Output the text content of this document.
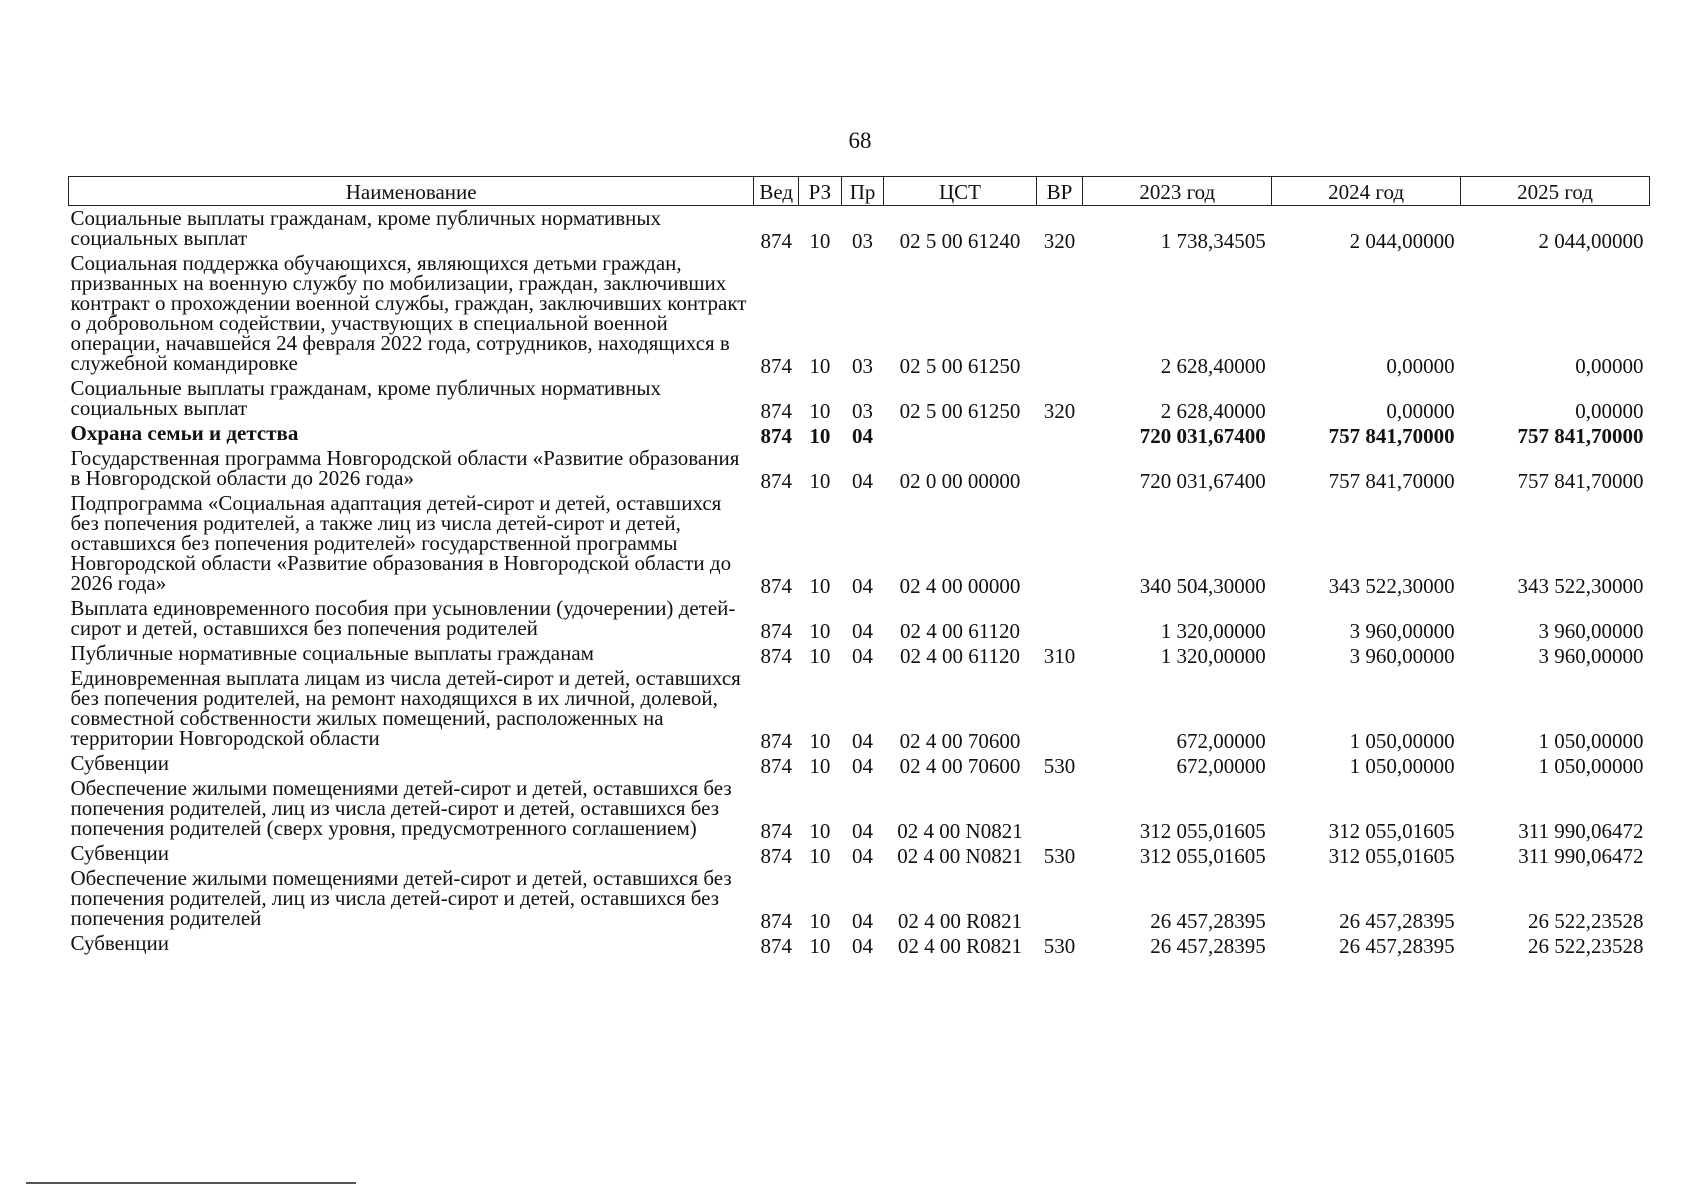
68
Наименование	Вед	РЗ	Пр	ЦСТ	ВР	2023 год	2024 год	2025 год
Социальные выплаты гражданам, кроме публичных нормативных социальных выплат	874	10	03	02 5 00 61240	320	1 738,34505	2 044,00000	2 044,00000
Социальная поддержка обучающихся, являющихся детьми граждан, призванных на военную службу по мобилизации, граждан, заключивших контракт о прохождении военной службы, граждан, заключивших контракт о добровольном содействии, участвующих в специальной военной операции, начавшейся 24 февраля 2022 года, сотрудников, находящихся в служебной командировке	874	10	03	02 5 00 61250		2 628,40000	0,00000	0,00000
Социальные выплаты гражданам, кроме публичных нормативных социальных выплат	874	10	03	02 5 00 61250	320	2 628,40000	0,00000	0,00000
Охрана семьи и детства	874	10	04			720 031,67400	757 841,70000	757 841,70000
Государственная программа Новгородской области «Развитие образования в Новгородской области до 2026 года»	874	10	04	02 0 00 00000		720 031,67400	757 841,70000	757 841,70000
Подпрограмма «Социальная адаптация детей-сирот и детей, оставшихся без попечения родителей, а также лиц из числа детей-сирот и детей, оставшихся без попечения родителей» государственной программы Новгородской области «Развитие образования в Новгородской области до 2026 года»	874	10	04	02 4 00 00000		340 504,30000	343 522,30000	343 522,30000
Выплата единовременного пособия при усыновлении (удочерении) детей-сирот и детей, оставшихся без попечения родителей	874	10	04	02 4 00 61120		1 320,00000	3 960,00000	3 960,00000
Публичные нормативные социальные выплаты гражданам	874	10	04	02 4 00 61120	310	1 320,00000	3 960,00000	3 960,00000
Единовременная выплата лицам из числа детей-сирот и детей, оставшихся без попечения родителей, на ремонт находящихся в их личной, долевой, совместной собственности жилых помещений, расположенных на территории Новгородской области	874	10	04	02 4 00 70600		672,00000	1 050,00000	1 050,00000
Субвенции	874	10	04	02 4 00 70600	530	672,00000	1 050,00000	1 050,00000
Обеспечение жилыми помещениями детей-сирот и детей, оставшихся без попечения родителей, лиц из числа детей-сирот и детей, оставшихся без попечения родителей (сверх уровня, предусмотренного соглашением)	874	10	04	02 4 00 N0821		312 055,01605	312 055,01605	311 990,06472
Субвенции	874	10	04	02 4 00 N0821	530	312 055,01605	312 055,01605	311 990,06472
Обеспечение жилыми помещениями детей-сирот и детей, оставшихся без попечения родителей, лиц из числа детей-сирот и детей, оставшихся без попечения родителей	874	10	04	02 4 00 R0821		26 457,28395	26 457,28395	26 522,23528
Субвенции	874	10	04	02 4 00 R0821	530	26 457,28395	26 457,28395	26 522,23528
